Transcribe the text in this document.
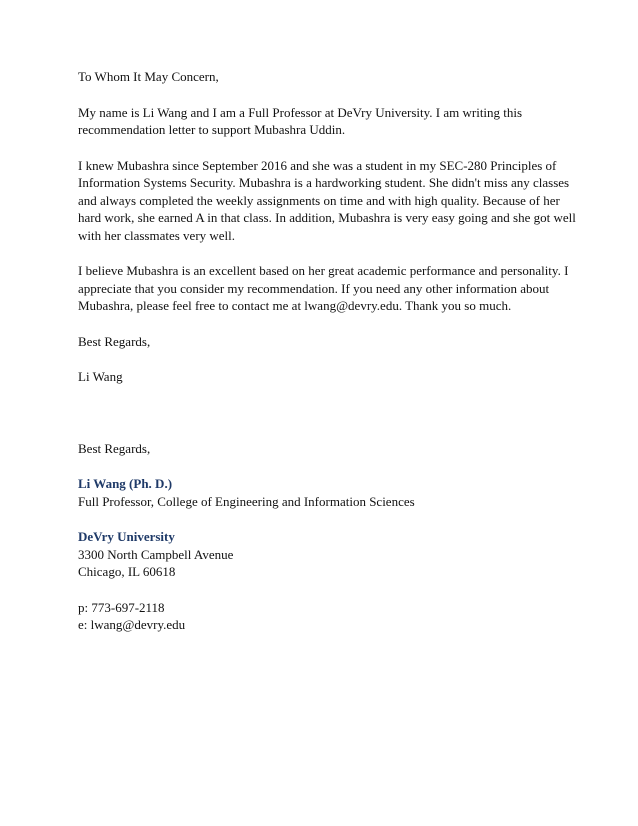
To Whom It May Concern,

My name is Li Wang and I am a Full Professor at DeVry University. I am writing this
recommendation letter to support Mubashra Uddin.

I knew Mubashra since September 2016 and she was a student in my SEC-280 Principles of
Information Systems Security. Mubashra is a hardworking student. She didn't miss any classes
and always completed the weekly assignments on time and with high quality. Because of her
hard work, she earned A in that class. In addition, Mubashra is very easy going and she got well
with her classmates very well.

I believe Mubashra is an excellent based on her great academic performance and personality. I
appreciate that you consider my recommendation. If you need any other information about
Mubashra, please feel free to contact me at lwang@devry.edu. Thank you so much.

Best Regards,

Li Wang

Best Regards,

Li Wang (Ph. D.)

Full Professor, College of Engineering and Information Sciences

DeVry University

3300 North Campbell Avenue

Chicago, IL 60618

p: 773-697-2118

e: lwang@devry.edu
